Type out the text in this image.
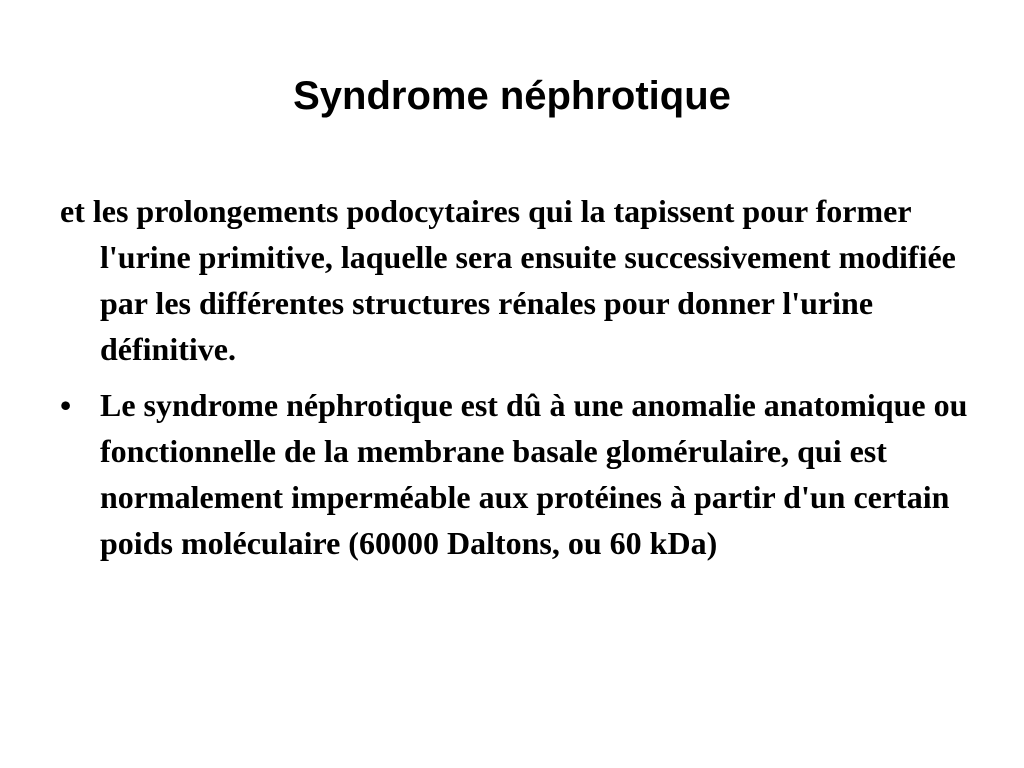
Syndrome néphrotique

et les prolongements podocytaires qui la tapissent pour former l'urine primitive, laquelle sera ensuite successivement modifiée par les différentes structures rénales pour donner l'urine définitive.

• Le syndrome néphrotique est dû à une anomalie anatomique ou fonctionnelle de la membrane basale glomérulaire, qui est normalement imperméable aux protéines à partir d'un certain poids moléculaire (60000 Daltons, ou 60 kDa)
